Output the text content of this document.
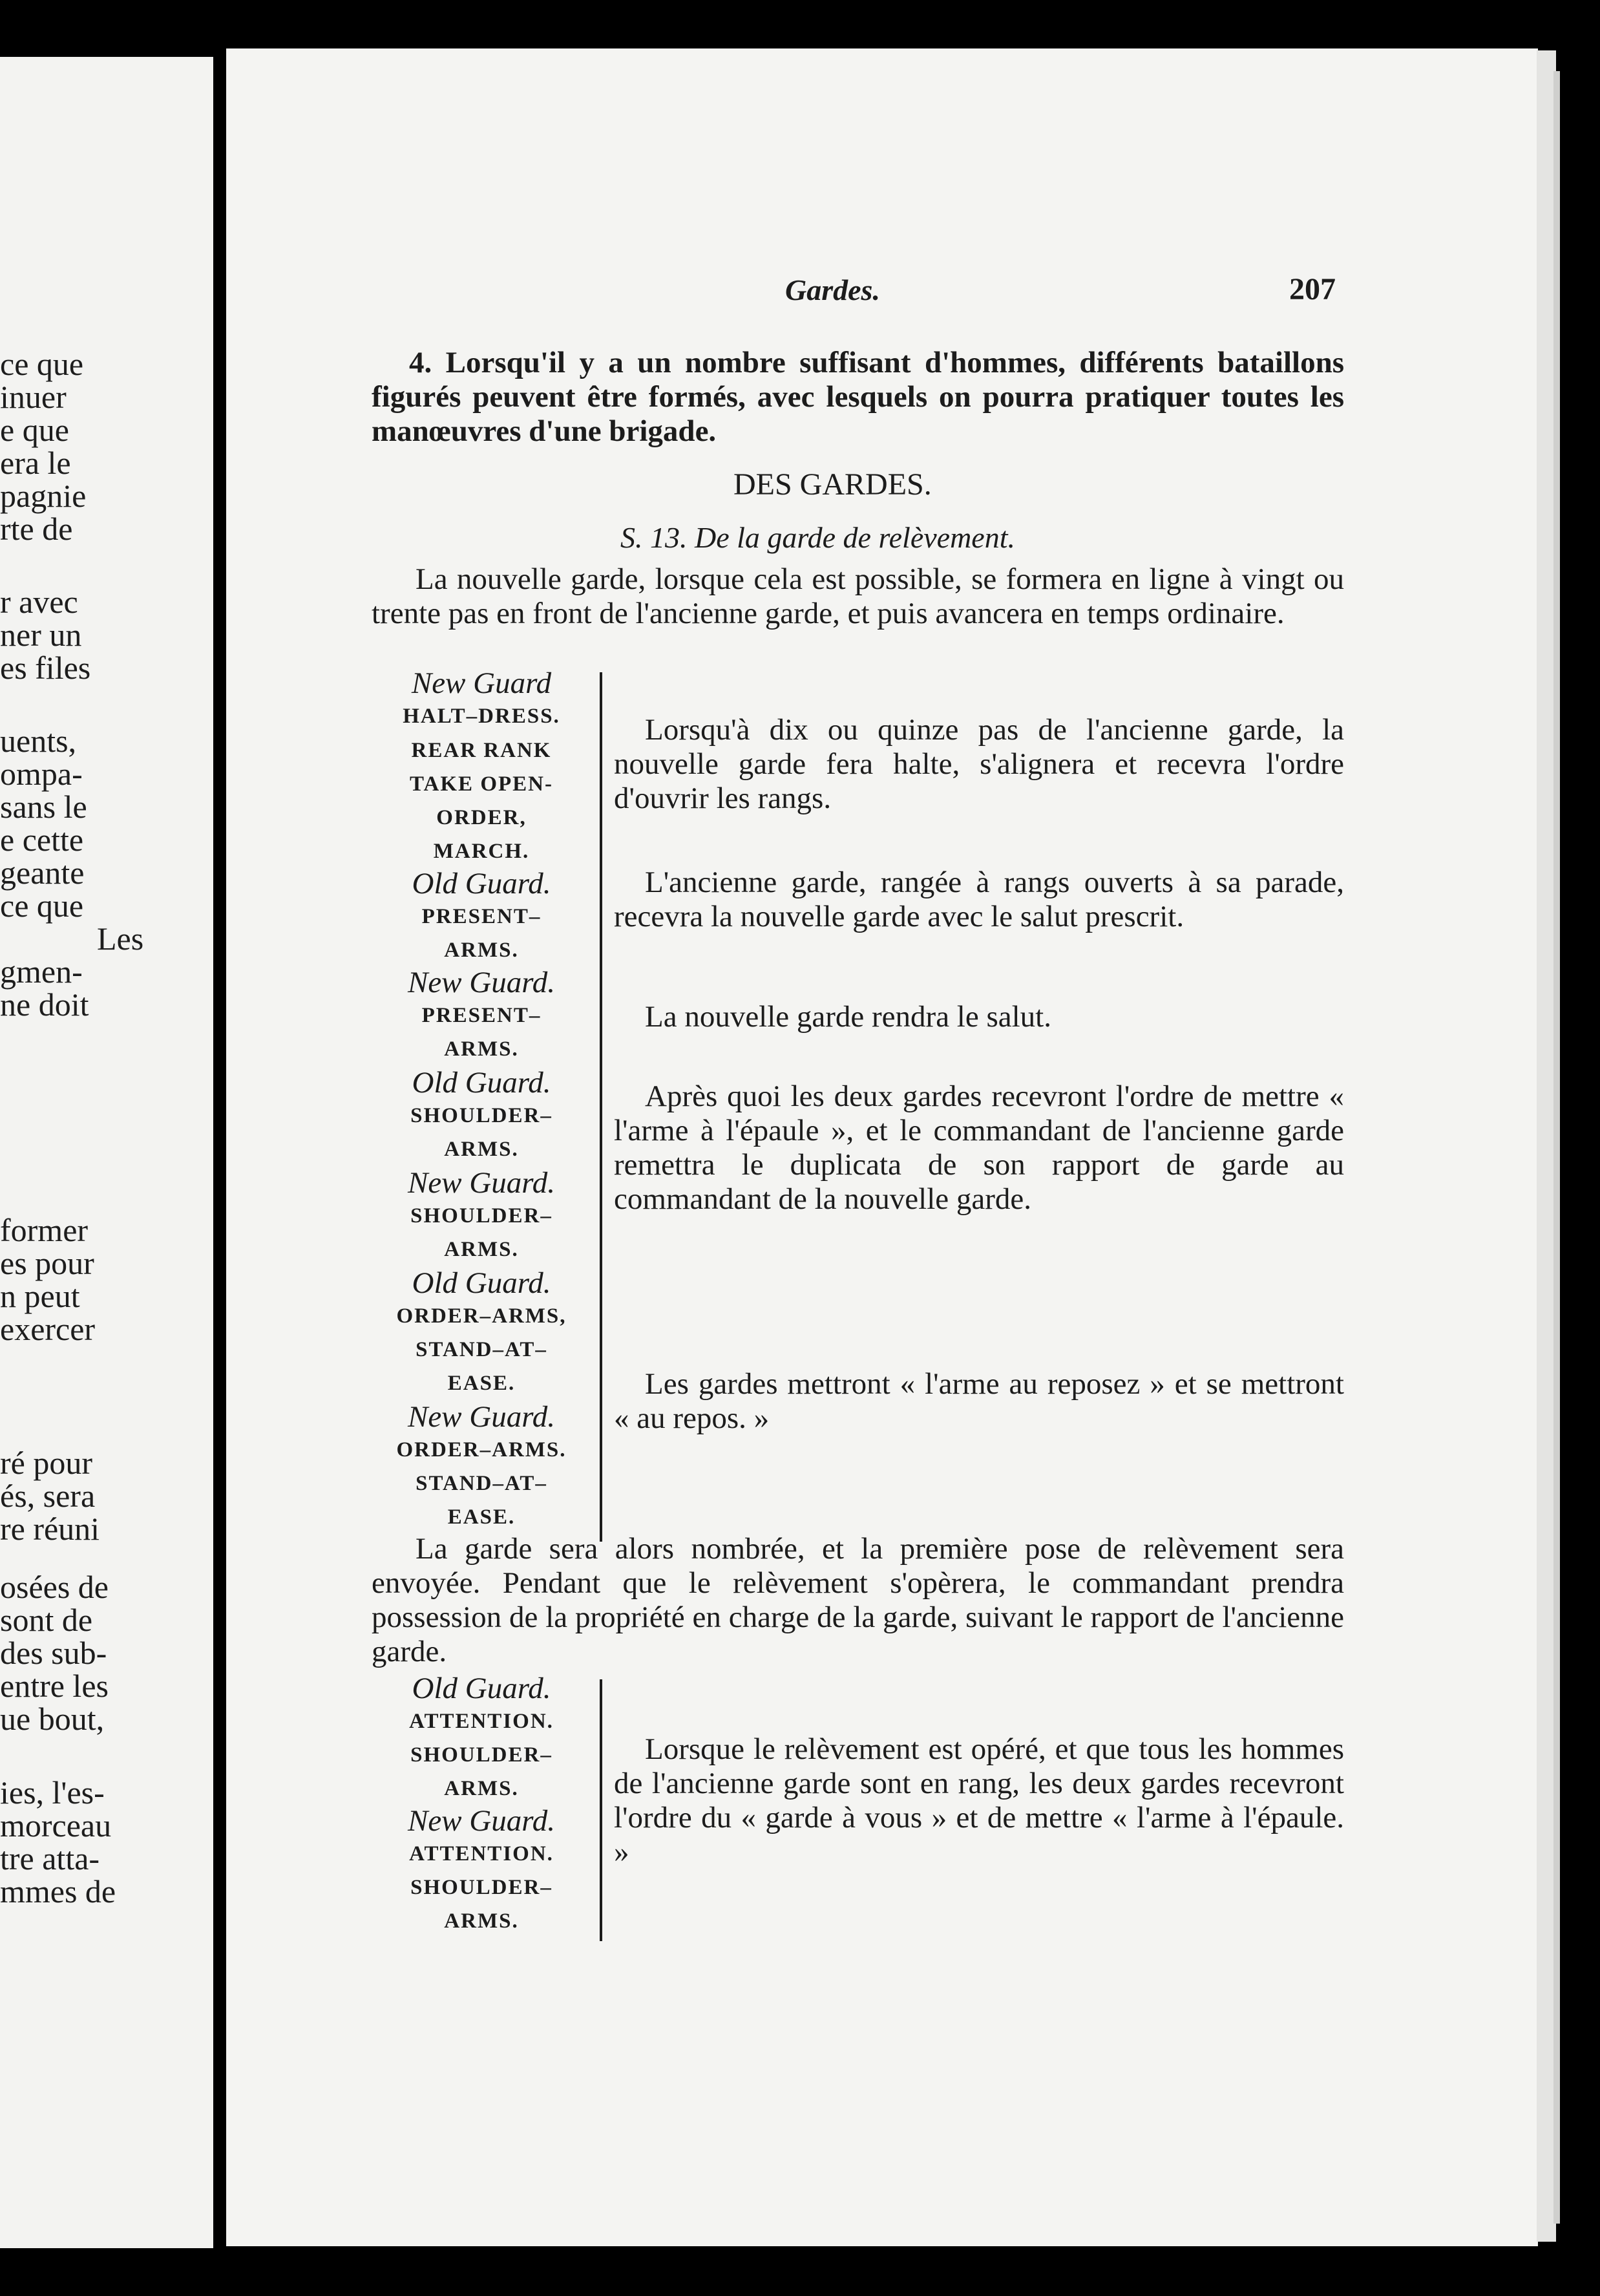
ce que
inuer
e que
era le
pagnie
rte de
r avec
ner un
es files
uents,
ompa-
sans le
e cette
geante
ce que
Les
gmen-
ne doit
former
es pour
n peut
exercer
ré pour
és, sera
re réuni
osées de
sont de
des sub-
entre les
ue bout,
ies, l'es-
morceau
tre atta-
mmes de
Gardes.	207
4. Lorsqu'il y a un nombre suffisant d'hommes, différents bataillons figurés peuvent être formés, avec lesquels on pourra pratiquer toutes les manœuvres d'une brigade.
DES GARDES.
S. 13. De la garde de relèvement.
La nouvelle garde, lorsque cela est possible, se formera en ligne à vingt ou trente pas en front de l'ancienne garde, et puis avancera en temps ordinaire.
New Guard
HALT–DRESS.
REAR RANK
TAKE OPEN-
ORDER,
MARCH.
Old Guard.
PRESENT–
ARMS.
New Guard.
PRESENT–
ARMS.
Old Guard.
SHOULDER–
ARMS.
New Guard.
SHOULDER–
ARMS.
Old Guard.
ORDER–ARMS,
STAND–AT–
EASE.
New Guard.
ORDER–ARMS.
STAND–AT–
EASE.
Lorsqu'à dix ou quinze pas de l'ancienne garde, la nouvelle garde fera halte, s'alignera et recevra l'ordre d'ouvrir les rangs.
L'ancienne garde, rangée à rangs ouverts à sa parade, recevra la nouvelle garde avec le salut prescrit.
La nouvelle garde rendra le salut.
Après quoi les deux gardes recevront l'ordre de mettre « l'arme à l'épaule », et le commandant de l'ancienne garde remettra le duplicata de son rapport de garde au commandant de la nouvelle garde.
Les gardes mettront « l'arme au reposez » et se mettront « au repos. »
La garde sera alors nombrée, et la première pose de relèvement sera envoyée. Pendant que le relèvement s'opèrera, le commandant prendra possession de la propriété en charge de la garde, suivant le rapport de l'ancienne garde.
Old Guard.
ATTENTION.
SHOULDER–
ARMS.
New Guard.
ATTENTION.
SHOULDER–
ARMS.
Lorsque le relèvement est opéré, et que tous les hommes de l'ancienne garde sont en rang, les deux gardes recevront l'ordre du « garde à vous » et de mettre « l'arme à l'épaule. »
